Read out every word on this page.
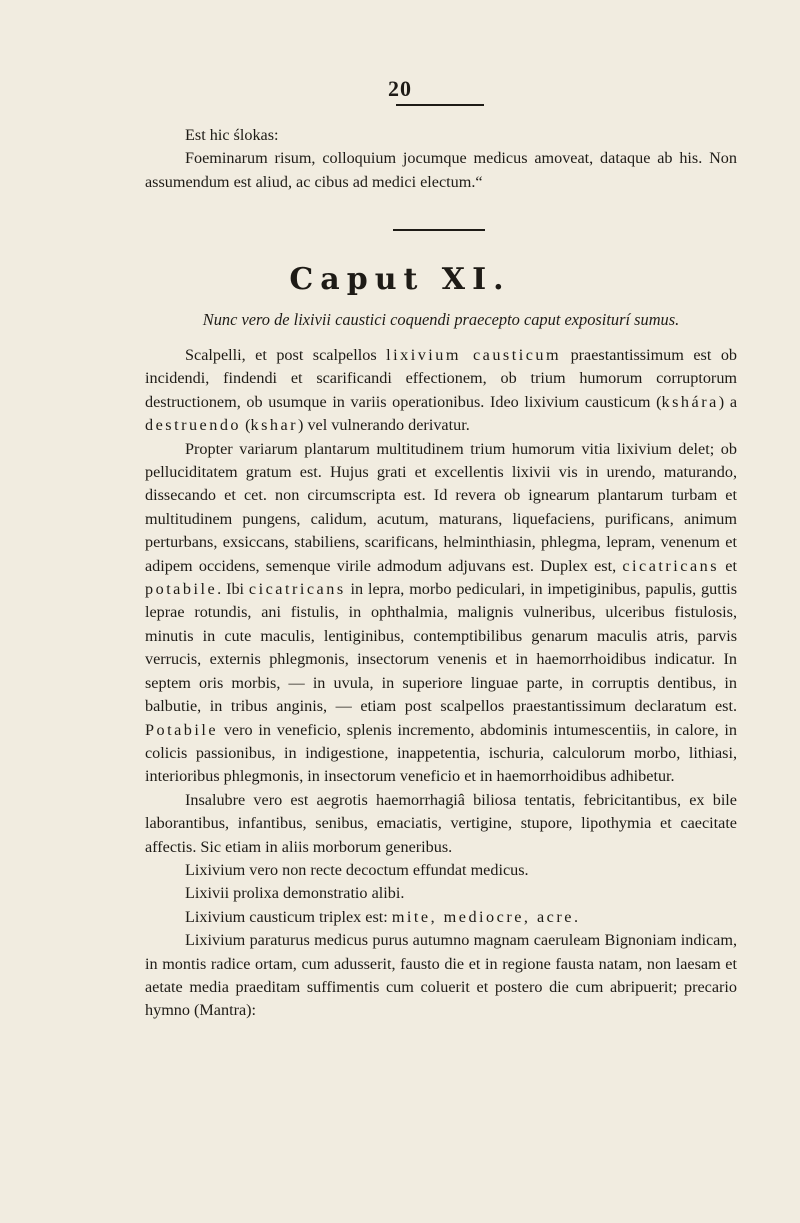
20

Est hic ślokas:

Foeminarum risum, colloquium jocumque medicus amoveat, dataque ab his. Non assumendum est aliud, ac cibus ad medici electum.“

Caput XI.
Nunc vero de lixivii caustici coquendi praecepto caput expositurí sumus.

Scalpelli, et post scalpellos lixivium causticum praestantissimum est ob incidendi, findendi et scarificandi effectionem, ob trium humorum corruptorum destructionem, ob usumque in variis operationibus. Ideo lixivium causticum (kshára) a destruendo (kshar) vel vulnerando derivatur.

Propter variarum plantarum multitudinem trium humorum vitia lixivium delet; ob pelluciditatem gratum est. Hujus grati et excellentis lixivii vis in urendo, maturando, dissecando et cet. non circumscripta est. Id revera ob ignearum plantarum turbam et multitudinem pungens, calidum, acutum, maturans, liquefaciens, purificans, animum perturbans, exsiccans, stabiliens, scarificans, helminthiasin, phlegma, lepram, venenum et adipem occidens, semenque virile admodum adjuvans est. Duplex est, cicatricans et potabile. Ibi cicatricans in lepra, morbo pediculari, in impetiginibus, papulis, guttis leprae rotundis, ani fistulis, in ophthalmia, malignis vulneribus, ulceribus fistulosis, minutis in cute maculis, lentiginibus, contemptibilibus genarum maculis atris, parvis verrucis, externis phlegmonis, insectorum venenis et in haemorrhoidibus indicatur. In septem oris morbis, — in uvula, in superiore linguae parte, in corruptis dentibus, in balbutie, in tribus anginis, — etiam post scalpellos praestantissimum declaratum est. Potabile vero in veneficio, splenis incremento, abdominis intumescentiis, in calore, in colicis passionibus, in indigestione, inappetentia, ischuria, calculorum morbo, lithiasi, interioribus phlegmonis, in insectorum veneficio et in haemorrhoidibus adhibetur.

Insalubre vero est aegrotis haemorrhagiâ biliosa tentatis, febricitantibus, ex bile laborantibus, infantibus, senibus, emaciatis, vertigine, stupore, lipothymia et caecitate affectis. Sic etiam in aliis morborum generibus.

Lixivium vero non recte decoctum effundat medicus.

Lixivii prolixa demonstratio alibi.

Lixivium causticum triplex est: mite, mediocre, acre.

Lixivium paraturus medicus purus autumno magnam caeruleam Bignoniam indicam, in montis radice ortam, cum adusserit, fausto die et in regione fausta natam, non laesam et aetate media praeditam suffimentis cum coluerit et postero die cum abripuerit; precario hymno (Mantra):
